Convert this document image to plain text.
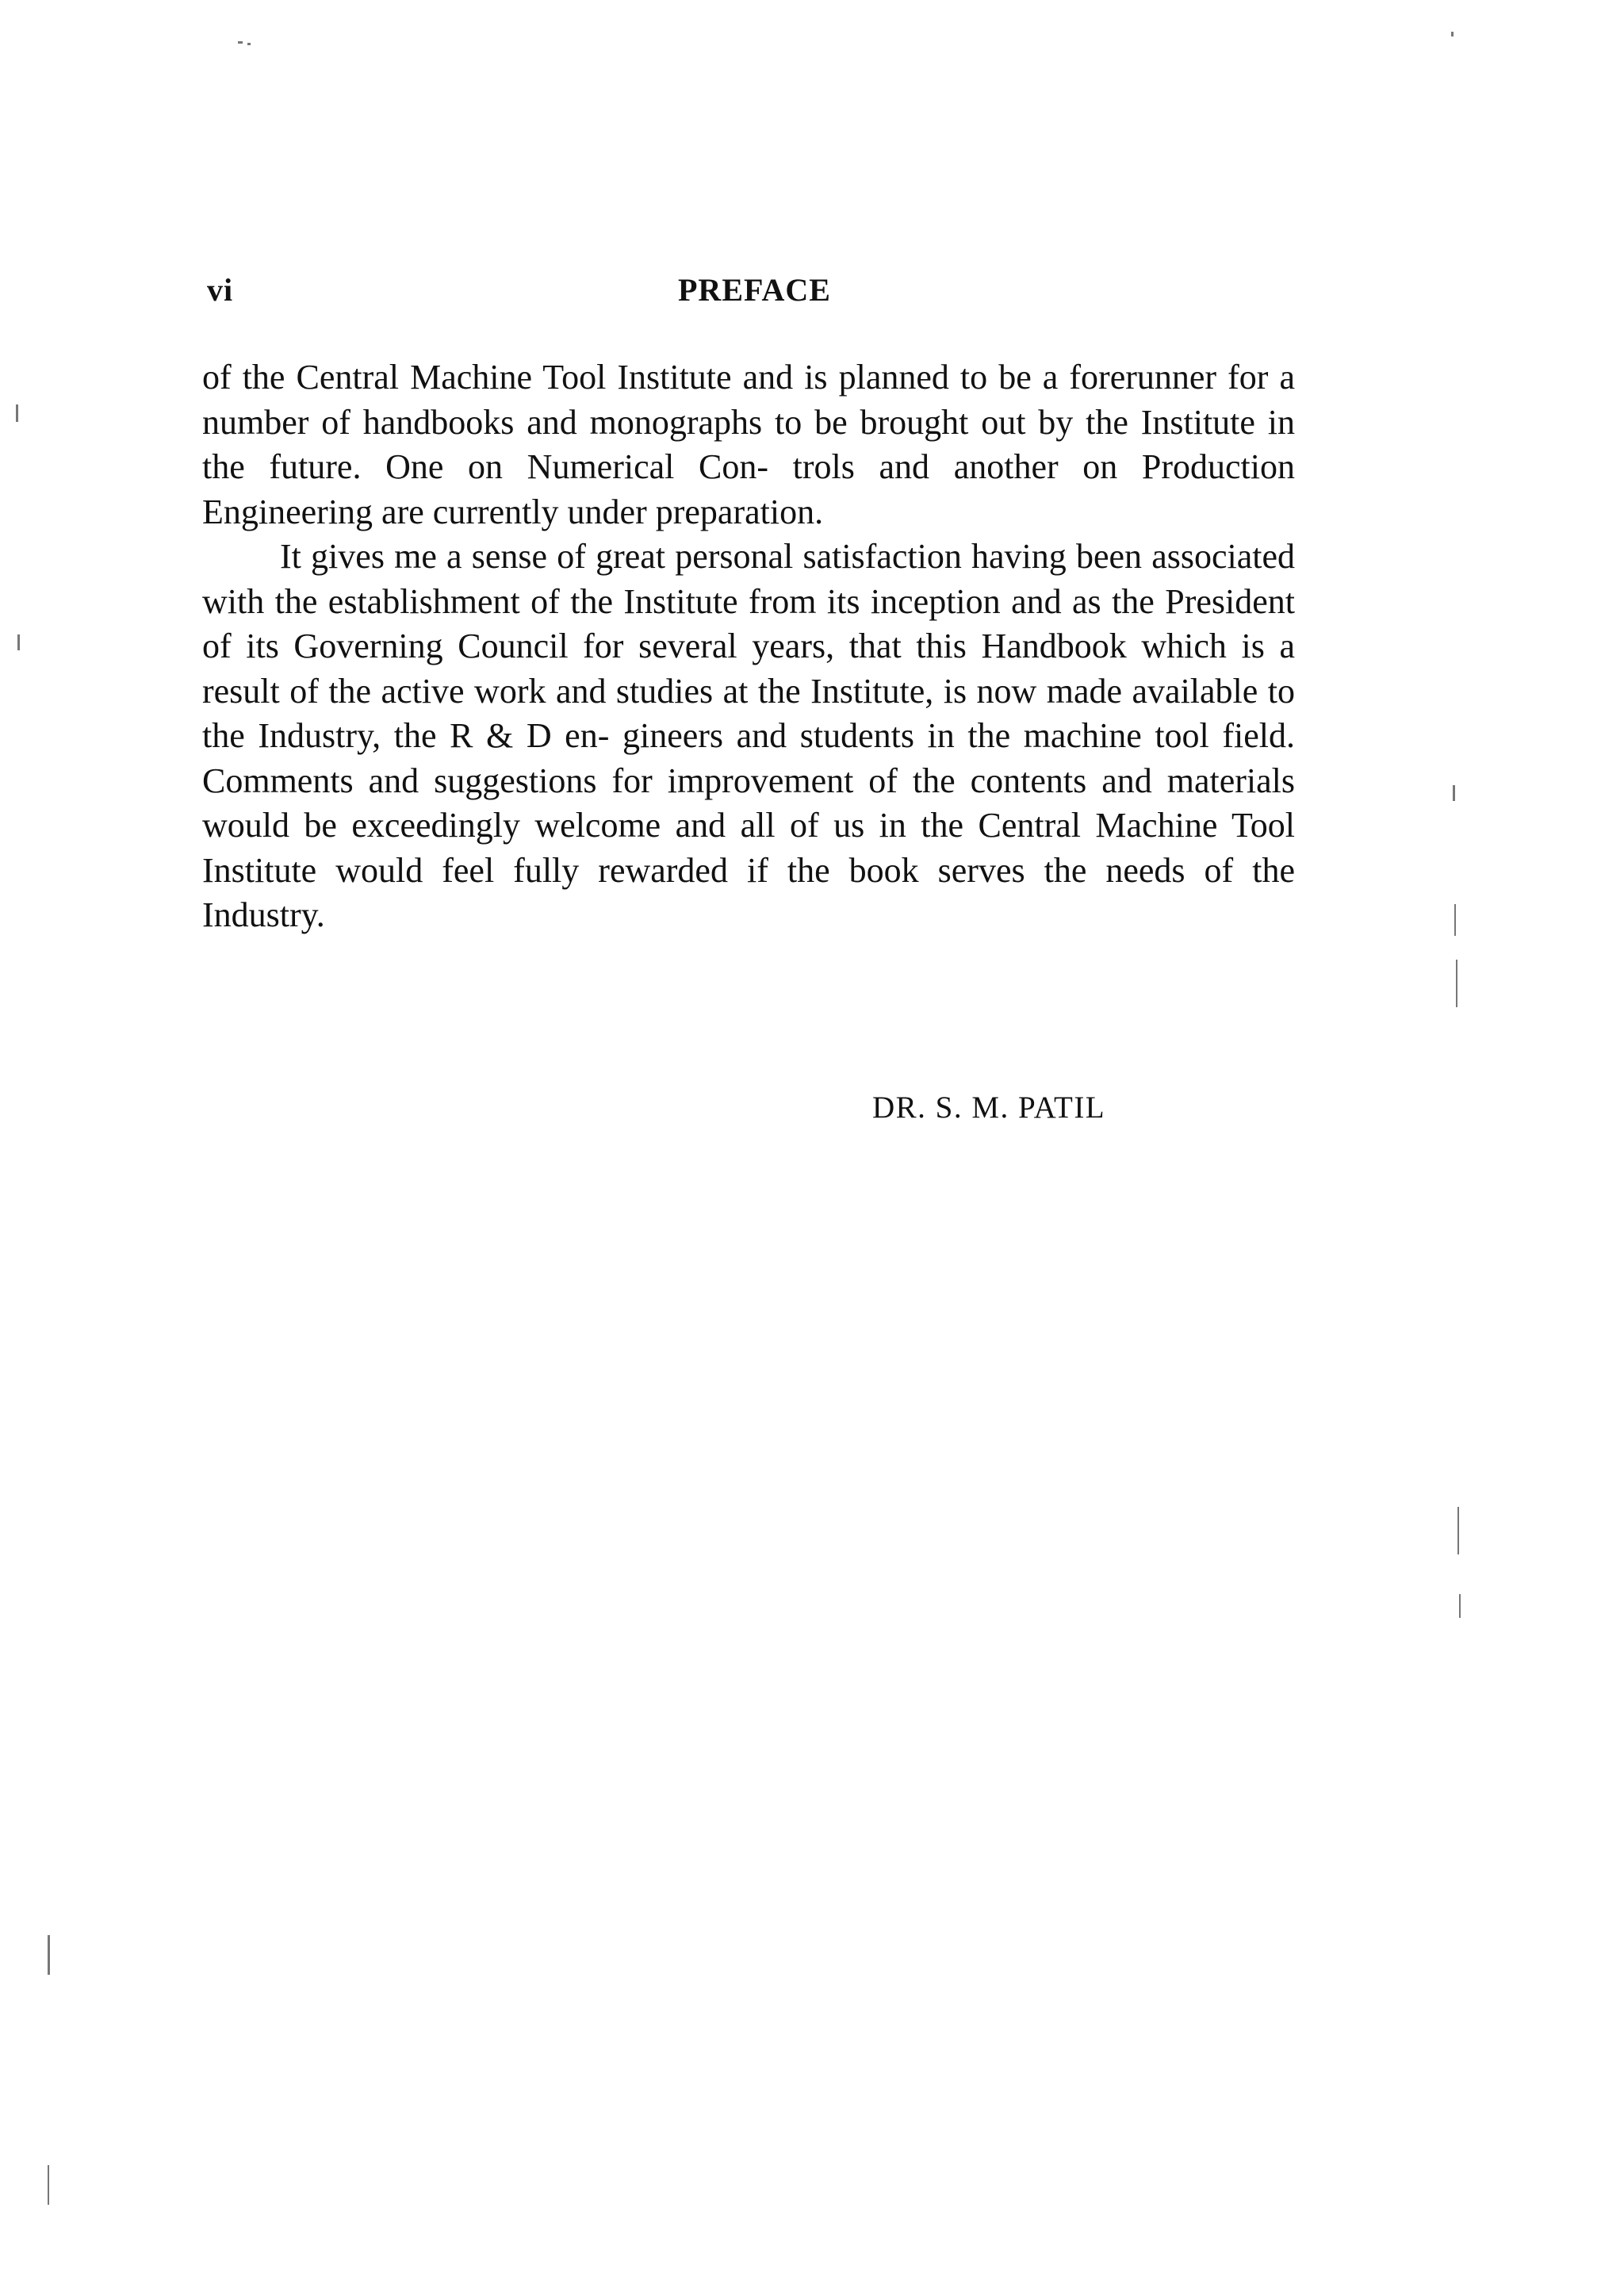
vi	PREFACE

of the Central Machine Tool Institute and is planned to be a forerunner for a number of handbooks and monographs to be brought out by the Institute in the future. One on Numerical Con- trols and another on Production Engineering are currently under preparation.

It gives me a sense of great personal satisfaction having been associated with the establishment of the Institute from its inception and as the President of its Governing Council for several years, that this Handbook which is a result of the active work and studies at the Institute, is now made available to the Industry, the R & D en- gineers and students in the machine tool field. Comments and suggestions for improvement of the contents and materials would be exceedingly welcome and all of us in the Central Machine Tool Institute would feel fully rewarded if the book serves the needs of the Industry.

DR. S. M. PATIL
